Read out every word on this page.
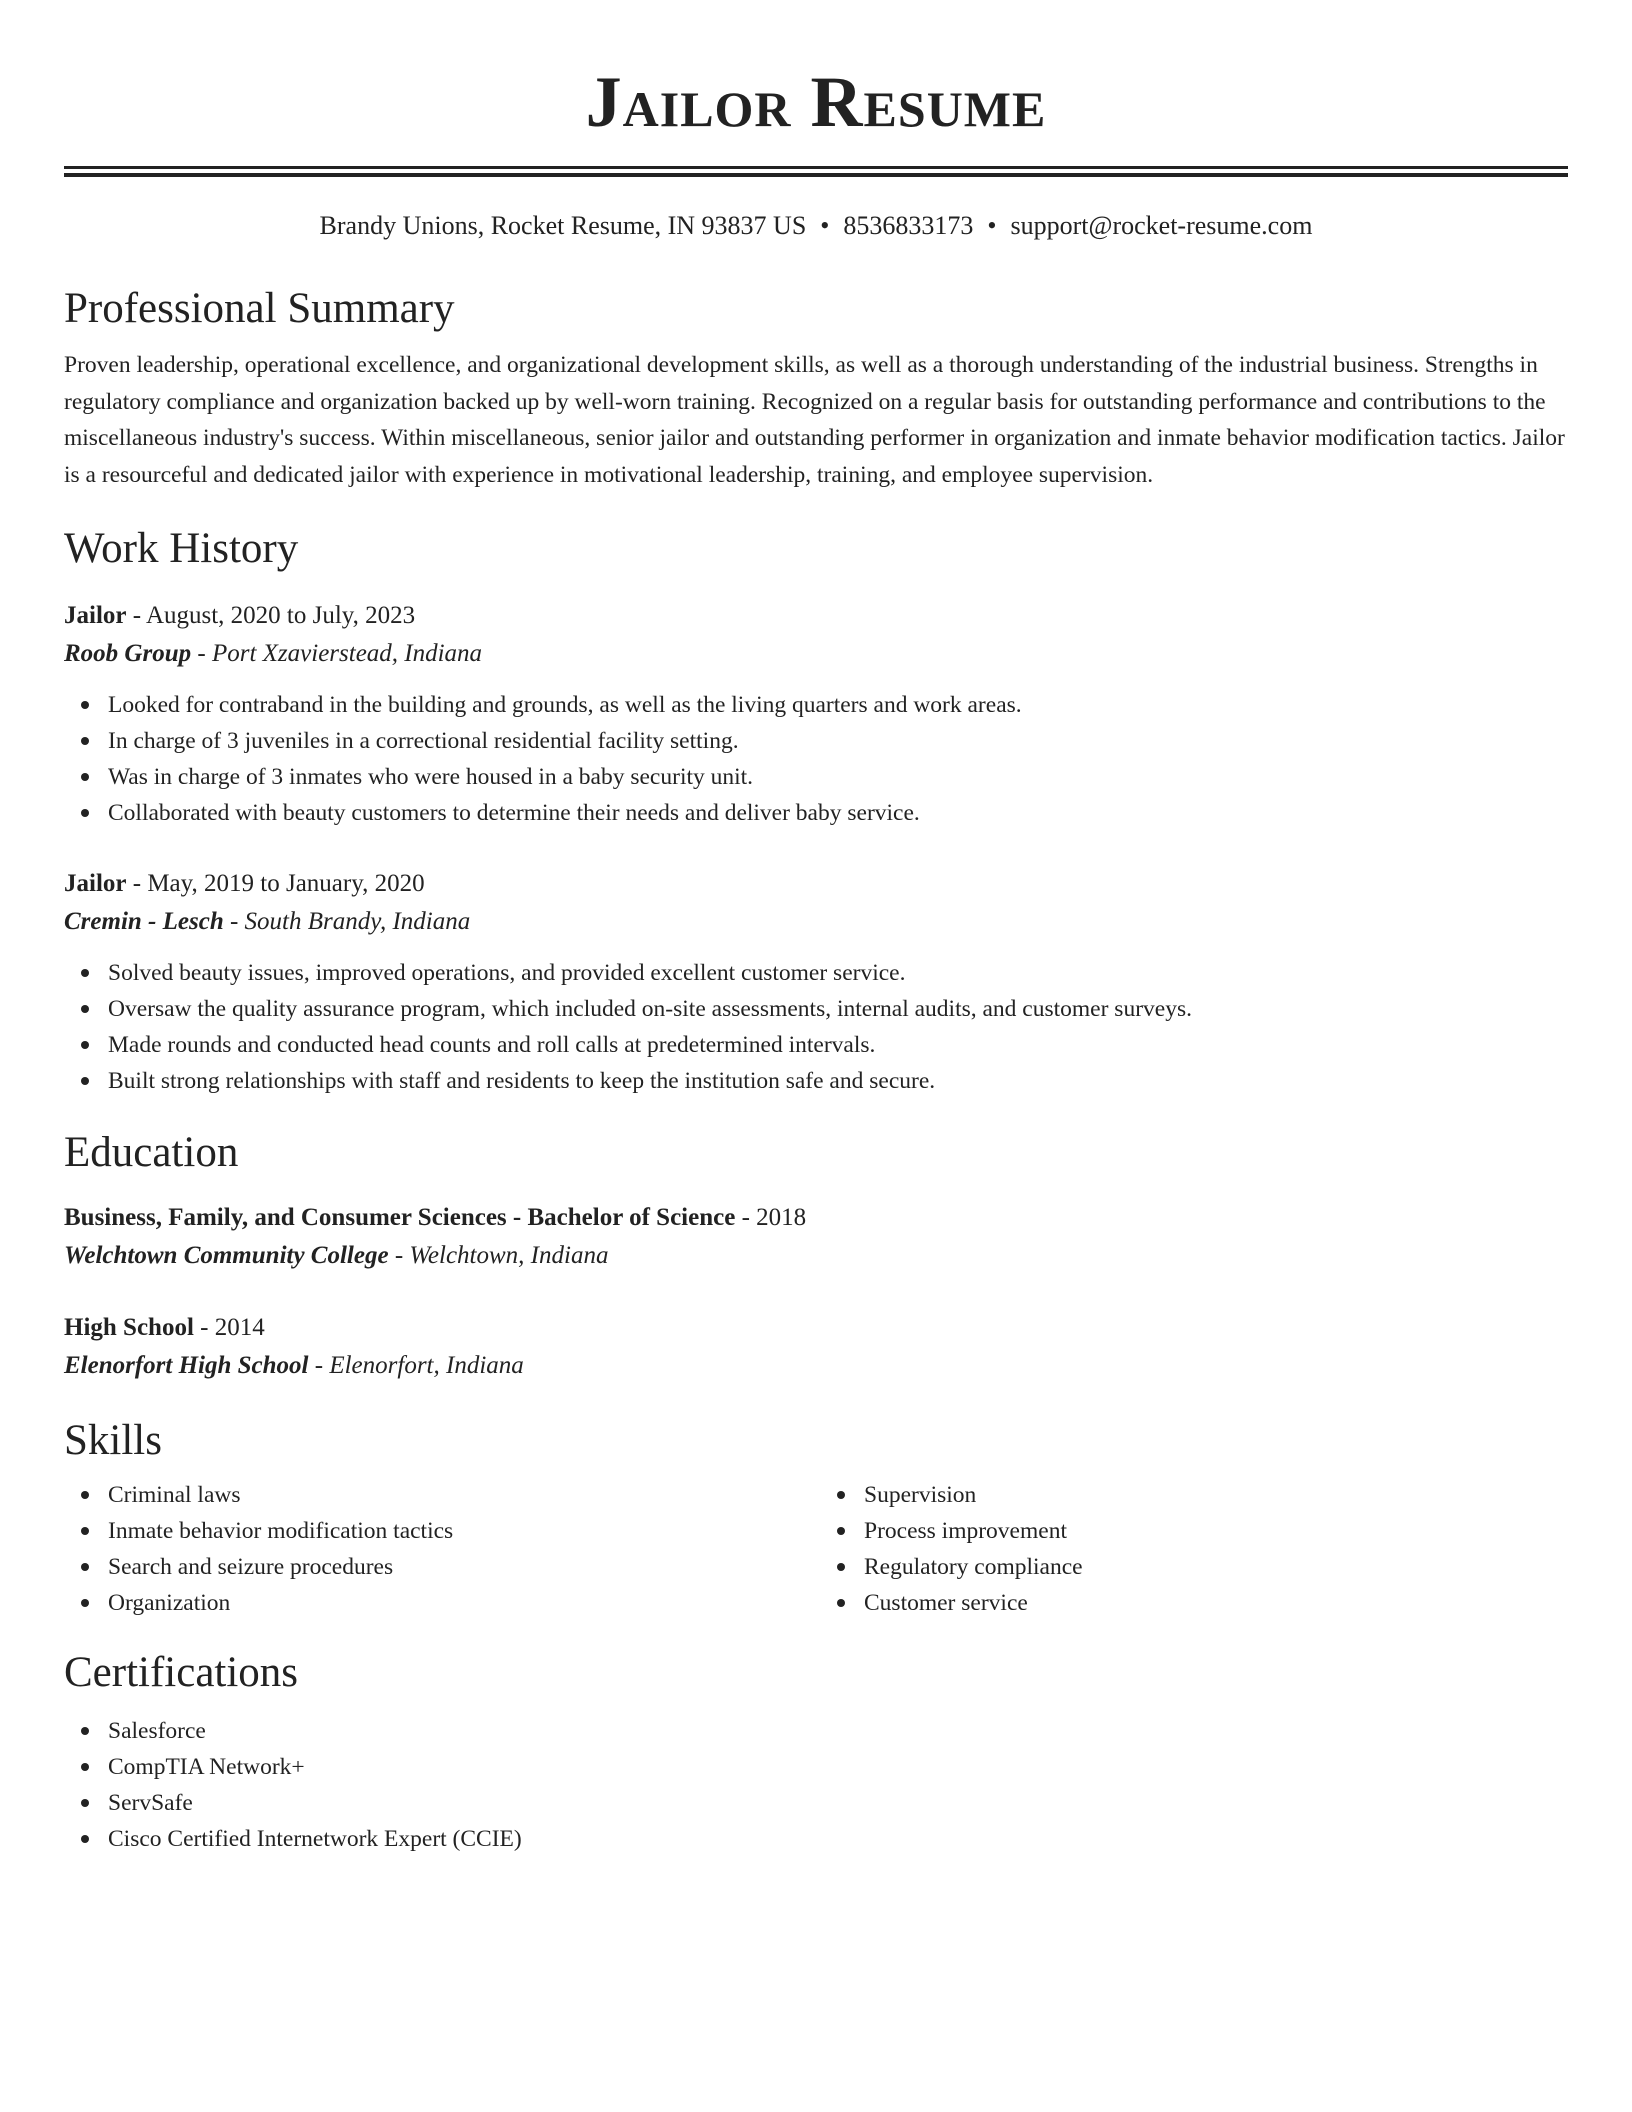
Jailor Resume
Brandy Unions, Rocket Resume, IN 93837 US • 8536833173 • support@rocket-resume.com
Professional Summary

Proven leadership, operational excellence, and organizational development skills, as well as a thorough understanding of the industrial business. Strengths in regulatory compliance and organization backed up by well-worn training. Recognized on a regular basis for outstanding performance and contributions to the miscellaneous industry's success. Within miscellaneous, senior jailor and outstanding performer in organization and inmate behavior modification tactics. Jailor is a resourceful and dedicated jailor with experience in motivational leadership, training, and employee supervision.

Work History

Jailor - August, 2020 to July, 2023

Roob Group - Port Xzavierstead, Indiana

Looked for contraband in the building and grounds, as well as the living quarters and work areas.
In charge of 3 juveniles in a correctional residential facility setting.
Was in charge of 3 inmates who were housed in a baby security unit.
Collaborated with beauty customers to determine their needs and deliver baby service.

Jailor - May, 2019 to January, 2020

Cremin - Lesch - South Brandy, Indiana

Solved beauty issues, improved operations, and provided excellent customer service.
Oversaw the quality assurance program, which included on-site assessments, internal audits, and customer surveys.
Made rounds and conducted head counts and roll calls at predetermined intervals.
Built strong relationships with staff and residents to keep the institution safe and secure.
Education

Business, Family, and Consumer Sciences - Bachelor of Science - 2018

Welchtown Community College - Welchtown, Indiana

High School - 2014

Elenorfort High School - Elenorfort, Indiana

Skills
Criminal laws
Inmate behavior modification tactics
Search and seizure procedures
Organization
Supervision
Process improvement
Regulatory compliance
Customer service
Certifications
Salesforce
CompTIA Network+
ServSafe
Cisco Certified Internetwork Expert (CCIE)
